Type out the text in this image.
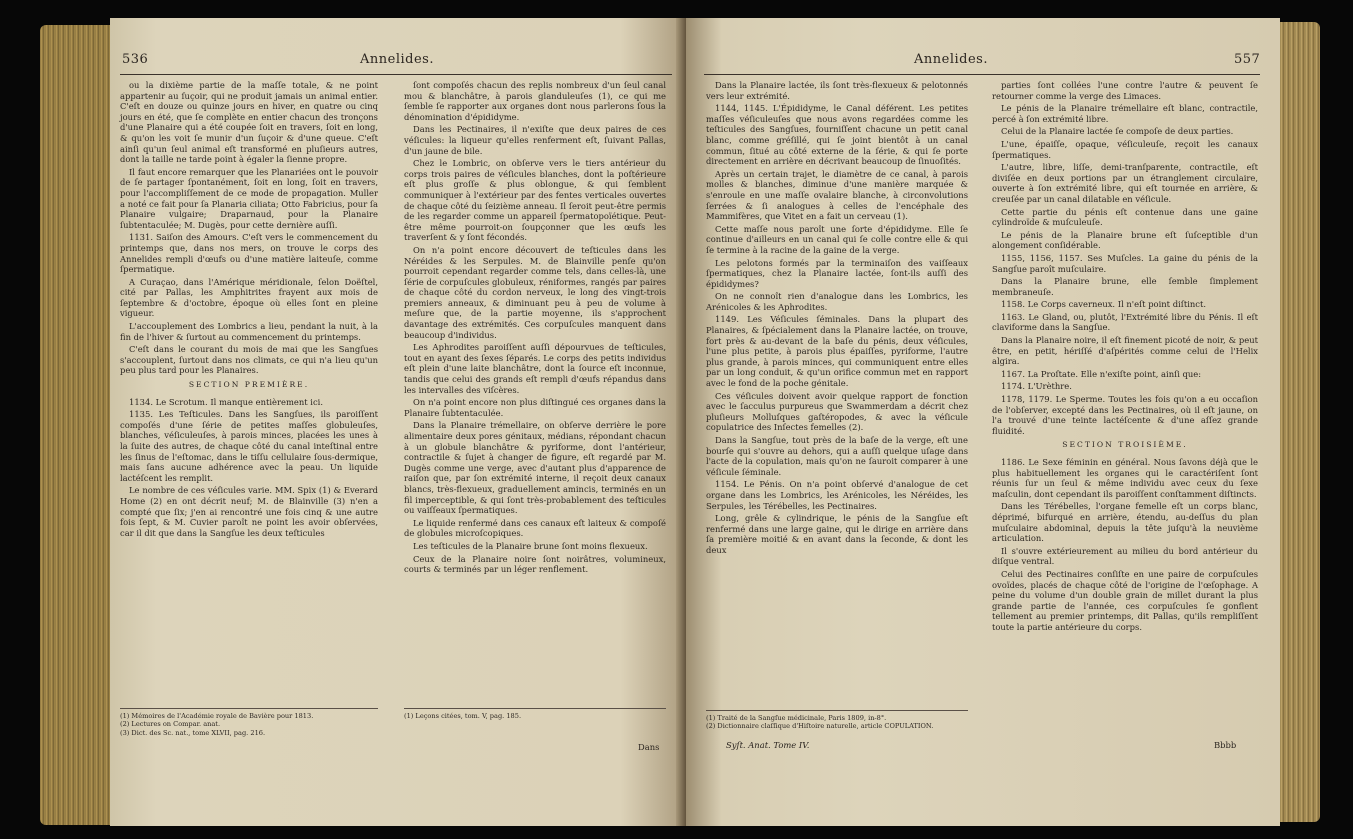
536	Annelides.

ou la dixième partie de la maſſe totale, & ne point appartenir au ſuçoir, qui ne produit jamais un animal entier. C'eſt en douze ou quinze jours en hiver, en quatre ou cinq jours en été, que ſe complète en entier chacun des tronçons d'une Planaire qui a été coupée ſoit en travers, ſoit en long, & qu'on les voit ſe munir d'un ſuçoir & d'une queue. C'eſt ainſi qu'un ſeul animal eſt transformé en pluſieurs autres, dont la taille ne tarde point à égaler la ſienne propre.

Il faut encore remarquer que les Planariées ont le pouvoir de ſe partager ſpontanément, ſoit en long, ſoit en travers, pour l'accompliſſement de ce mode de propagation. Muller a noté ce fait pour ſa Planaria ciliata; Otto Fabricius, pour ſa Planaire vulgaire; Draparnaud, pour la Planaire ſubtentaculée; M. Dugès, pour cette dernière auſſi.

1131. Saiſon des Amours. C'eſt vers le commencement du printemps que, dans nos mers, on trouve le corps des Annelides rempli d'œufs ou d'une matière laiteuſe, comme ſpermatique.

A Curaçao, dans l'Amérique méridionale, ſelon Doëſtel, cité par Pallas, les Amphitrites frayent aux mois de ſeptembre & d'octobre, époque où elles ſont en pleine vigueur.

L'accouplement des Lombrics a lieu, pendant la nuit, à la fin de l'hiver & ſurtout au commencement du printemps.

C'eſt dans le courant du mois de mai que les Sangſues s'accouplent, ſurtout dans nos climats, ce qui n'a lieu qu'un peu plus tard pour les Planaires.

SECTION PREMIÈRE.

1134. Le Scrotum. Il manque entièrement ici.

1135. Les Teſticules. Dans les Sangſues, ils paroiſſent compoſés d'une ſérie de petites maſſes globuleuſes, blanches, véſiculeuſes, à parois minces, placées les unes à la ſuite des autres, de chaque côté du canal inteſtinal entre les ſinus de l'eſtomac, dans le tiſſu cellulaire ſous-dermique, mais ſans aucune adhérence avec la peau. Un liquide lactéſcent les remplit.

Le nombre de ces véſicules varie. MM. Spix (1) & Everard Home (2) en ont décrit neuf; M. de Blainville (3) n'en a compté que ſix; j'en ai rencontré une fois cinq & une autre fois ſept, & M. Cuvier paroît ne point les avoir obſervées, car il dit que dans la Sangſue les deux teſticules

ſont compoſés chacun des replis nombreux d'un ſeul canal mou & blanchâtre, à parois glanduleuſes (1), ce qui me ſemble ſe rapporter aux organes dont nous parlerons ſous la dénomination d'épididyme.

Dans les Pectinaires, il n'exiſte que deux paires de ces véſicules: la liqueur qu'elles renferment eſt, ſuivant Pallas, d'un jaune de bile.

Chez le Lombric, on obſerve vers le tiers antérieur du corps trois paires de véſicules blanches, dont la poſtérieure eſt plus groſſe & plus oblongue, & qui ſemblent communiquer à l'extérieur par des fentes verticales ouvertes de chaque côté du ſeizième anneau. Il ſeroit peut-être permis de les regarder comme un appareil ſpermatopoïétique. Peut-être même pourroit-on ſoupçonner que les œufs les traverſent & y ſont fécondés.

On n'a point encore découvert de teſticules dans les Néréides & les Serpules. M. de Blainville penſe qu'on pourroit cependant regarder comme tels, dans celles-là, une ſérie de corpuſcules globuleux, réniformes, rangés par paires de chaque côté du cordon nerveux, le long des vingt-trois premiers anneaux, & diminuant peu à peu de volume à meſure que, de la partie moyenne, ils s'approchent davantage des extrémités. Ces corpuſcules manquent dans beaucoup d'individus.

Les Aphrodites paroiſſent auſſi dépourvues de teſticules, tout en ayant des ſexes ſéparés. Le corps des petits individus eſt plein d'une laite blanchâtre, dont la ſource eſt inconnue, tandis que celui des grands eſt rempli d'œufs répandus dans les intervalles des viſcères.

On n'a point encore non plus diſtingué ces organes dans la Planaire ſubtentaculée.

Dans la Planaire trémellaire, on obſerve derrière le pore alimentaire deux pores génitaux, médians, répondant chacun à un globule blanchâtre & pyriforme, dont l'antérieur, contractile & ſujet à changer de figure, eſt regardé par M. Dugès comme une verge, avec d'autant plus d'apparence de raiſon que, par ſon extrémité interne, il reçoit deux canaux blancs, très-flexueux, graduellement amincis, terminés en un fil imperceptible, & qui ſont très-probablement des teſticules ou vaiſſeaux ſpermatiques.

Le liquide renfermé dans ces canaux eſt laiteux & compoſé de globules microſcopiques.

Les teſticules de la Planaire brune ſont moins flexueux.

Ceux de la Planaire noire ſont noirâtres, volumineux, courts & terminés par un léger renflement.

(1) Mémoires de l'Académie royale de Bavière pour 1813.

(2) Lectures on Compar. anat.

(3) Dict. des Sc. nat., tome XLVII, pag. 216.

(1) Leçons citées, tom. V, pag. 185.

Dans
Annelides.	557

Dans la Planaire lactée, ils ſont très-flexueux & pelotonnés vers leur extrémité.

1144, 1145. L'Épididyme, le Canal déférent. Les petites maſſes véſiculeuſes que nous avons regardées comme les teſticules des Sangſues, fourniſſent chacune un petit canal blanc, comme gréſillé, qui ſe joint bientôt à un canal commun, ſitué au côté externe de la ſérie, & qui ſe porte directement en arrière en décrivant beaucoup de ſinuoſités.

Après un certain trajet, le diamètre de ce canal, à parois molles & blanches, diminue d'une manière marquée & s'enroule en une maſſe ovalaire blanche, à circonvolutions ſerrées & ſi analogues à celles de l'encéphale des Mammifères, que Vitet en a fait un cerveau (1).

Cette maſſe nous paroît une ſorte d'épididyme. Elle ſe continue d'ailleurs en un canal qui ſe colle contre elle & qui ſe termine à la racine de la gaine de la verge.

Les pelotons formés par la terminaiſon des vaiſſeaux ſpermatiques, chez la Planaire lactée, ſont-ils auſſi des épididymes?

On ne connoît rien d'analogue dans les Lombrics, les Arénicoles & les Aphrodites.

1149. Les Véſicules ſéminales. Dans la plupart des Planaires, & ſpécialement dans la Planaire lactée, on trouve, fort près & au-devant de la baſe du pénis, deux véſicules, l'une plus petite, à parois plus épaiſſes, pyriforme, l'autre plus grande, à parois minces, qui communiquent entre elles par un long conduit, & qu'un orifice commun met en rapport avec le fond de la poche génitale.

Ces véſicules doivent avoir quelque rapport de fonction avec le ſacculus purpureus que Swammerdam a décrit chez pluſieurs Molluſques gaſtéropodes, & avec la véſicule copulatrice des Inſectes femelles (2).

Dans la Sangſue, tout près de la baſe de la verge, eſt une bourſe qui s'ouvre au dehors, qui a auſſi quelque uſage dans l'acte de la copulation, mais qu'on ne ſauroit comparer à une véſicule ſéminale.

1154. Le Pénis. On n'a point obſervé d'analogue de cet organe dans les Lombrics, les Arénicoles, les Néréides, les Serpules, les Térébelles, les Pectinaires.

Long, grêle & cylindrique, le pénis de la Sangſue eſt renfermé dans une large gaine, qui le dirige en arrière dans ſa première moitié & en avant dans la ſeconde, & dont les deux

parties ſont collées l'une contre l'autre & peuvent ſe retourner comme la verge des Limaces.

Le pénis de la Planaire trémellaire eſt blanc, contractile, percé à ſon extrémité libre.

Celui de la Planaire lactée ſe compoſe de deux parties.

L'une, épaiſſe, opaque, véſiculeuſe, reçoit les canaux ſpermatiques.

L'autre, libre, liſſe, demi-tranſparente, contractile, eſt diviſée en deux portions par un étranglement circulaire, ouverte à ſon extrémité libre, qui eſt tournée en arrière, & creuſée par un canal dilatable en véſicule.

Cette partie du pénis eſt contenue dans une gaine cylindroïde & muſculeuſe.

Le pénis de la Planaire brune eſt ſuſceptible d'un alongement conſidérable.

1155, 1156, 1157. Ses Muſcles. La gaine du pénis de la Sangſue paroît muſculaire.

Dans la Planaire brune, elle ſemble ſimplement membraneuſe.

1158. Le Corps caverneux. Il n'eſt point diſtinct.

1163. Le Gland, ou, plutôt, l'Extrémité libre du Pénis. Il eſt claviforme dans la Sangſue.

Dans la Planaire noire, il eſt finement picoté de noir, & peut être, en petit, hériſſé d'aſpérités comme celui de l'Helix algira.

1167. La Proſtate. Elle n'exiſte point, ainſi que:

1174. L'Urèthre.

1178, 1179. Le Sperme. Toutes les fois qu'on a eu occaſion de l'obſerver, excepté dans les Pectinaires, où il eſt jaune, on l'a trouvé d'une teinte lactéſcente & d'une aſſez grande fluidité.

SECTION TROISIÈME.

1186. Le Sexe féminin en général. Nous ſavons déjà que le plus habituellement les organes qui le caractériſent ſont réunis ſur un ſeul & même individu avec ceux du ſexe maſculin, dont cependant ils paroiſſent conſtamment diſtincts.

Dans les Térébelles, l'organe femelle eſt un corps blanc, déprimé, bifurqué en arrière, étendu, au-deſſus du plan muſculaire abdominal, depuis la tête juſqu'à la neuvième articulation.

Il s'ouvre extérieurement au milieu du bord antérieur du diſque ventral.

Celui des Pectinaires conſiſte en une paire de corpuſcules ovoïdes, placés de chaque côté de l'origine de l'œſophage. A peine du volume d'un double grain de millet durant la plus grande partie de l'année, ces corpuſcules ſe gonflent tellement au premier printemps, dit Pallas, qu'ils rempliſſent toute la partie antérieure du corps.

(1) Traité de la Sangſue médicinale, Paris 1809, in-8°.

(2) Dictionnaire claſſique d'Hiſtoire naturelle, article COPULATION.

Syſt. Anat. Tome IV.	Bbbb
